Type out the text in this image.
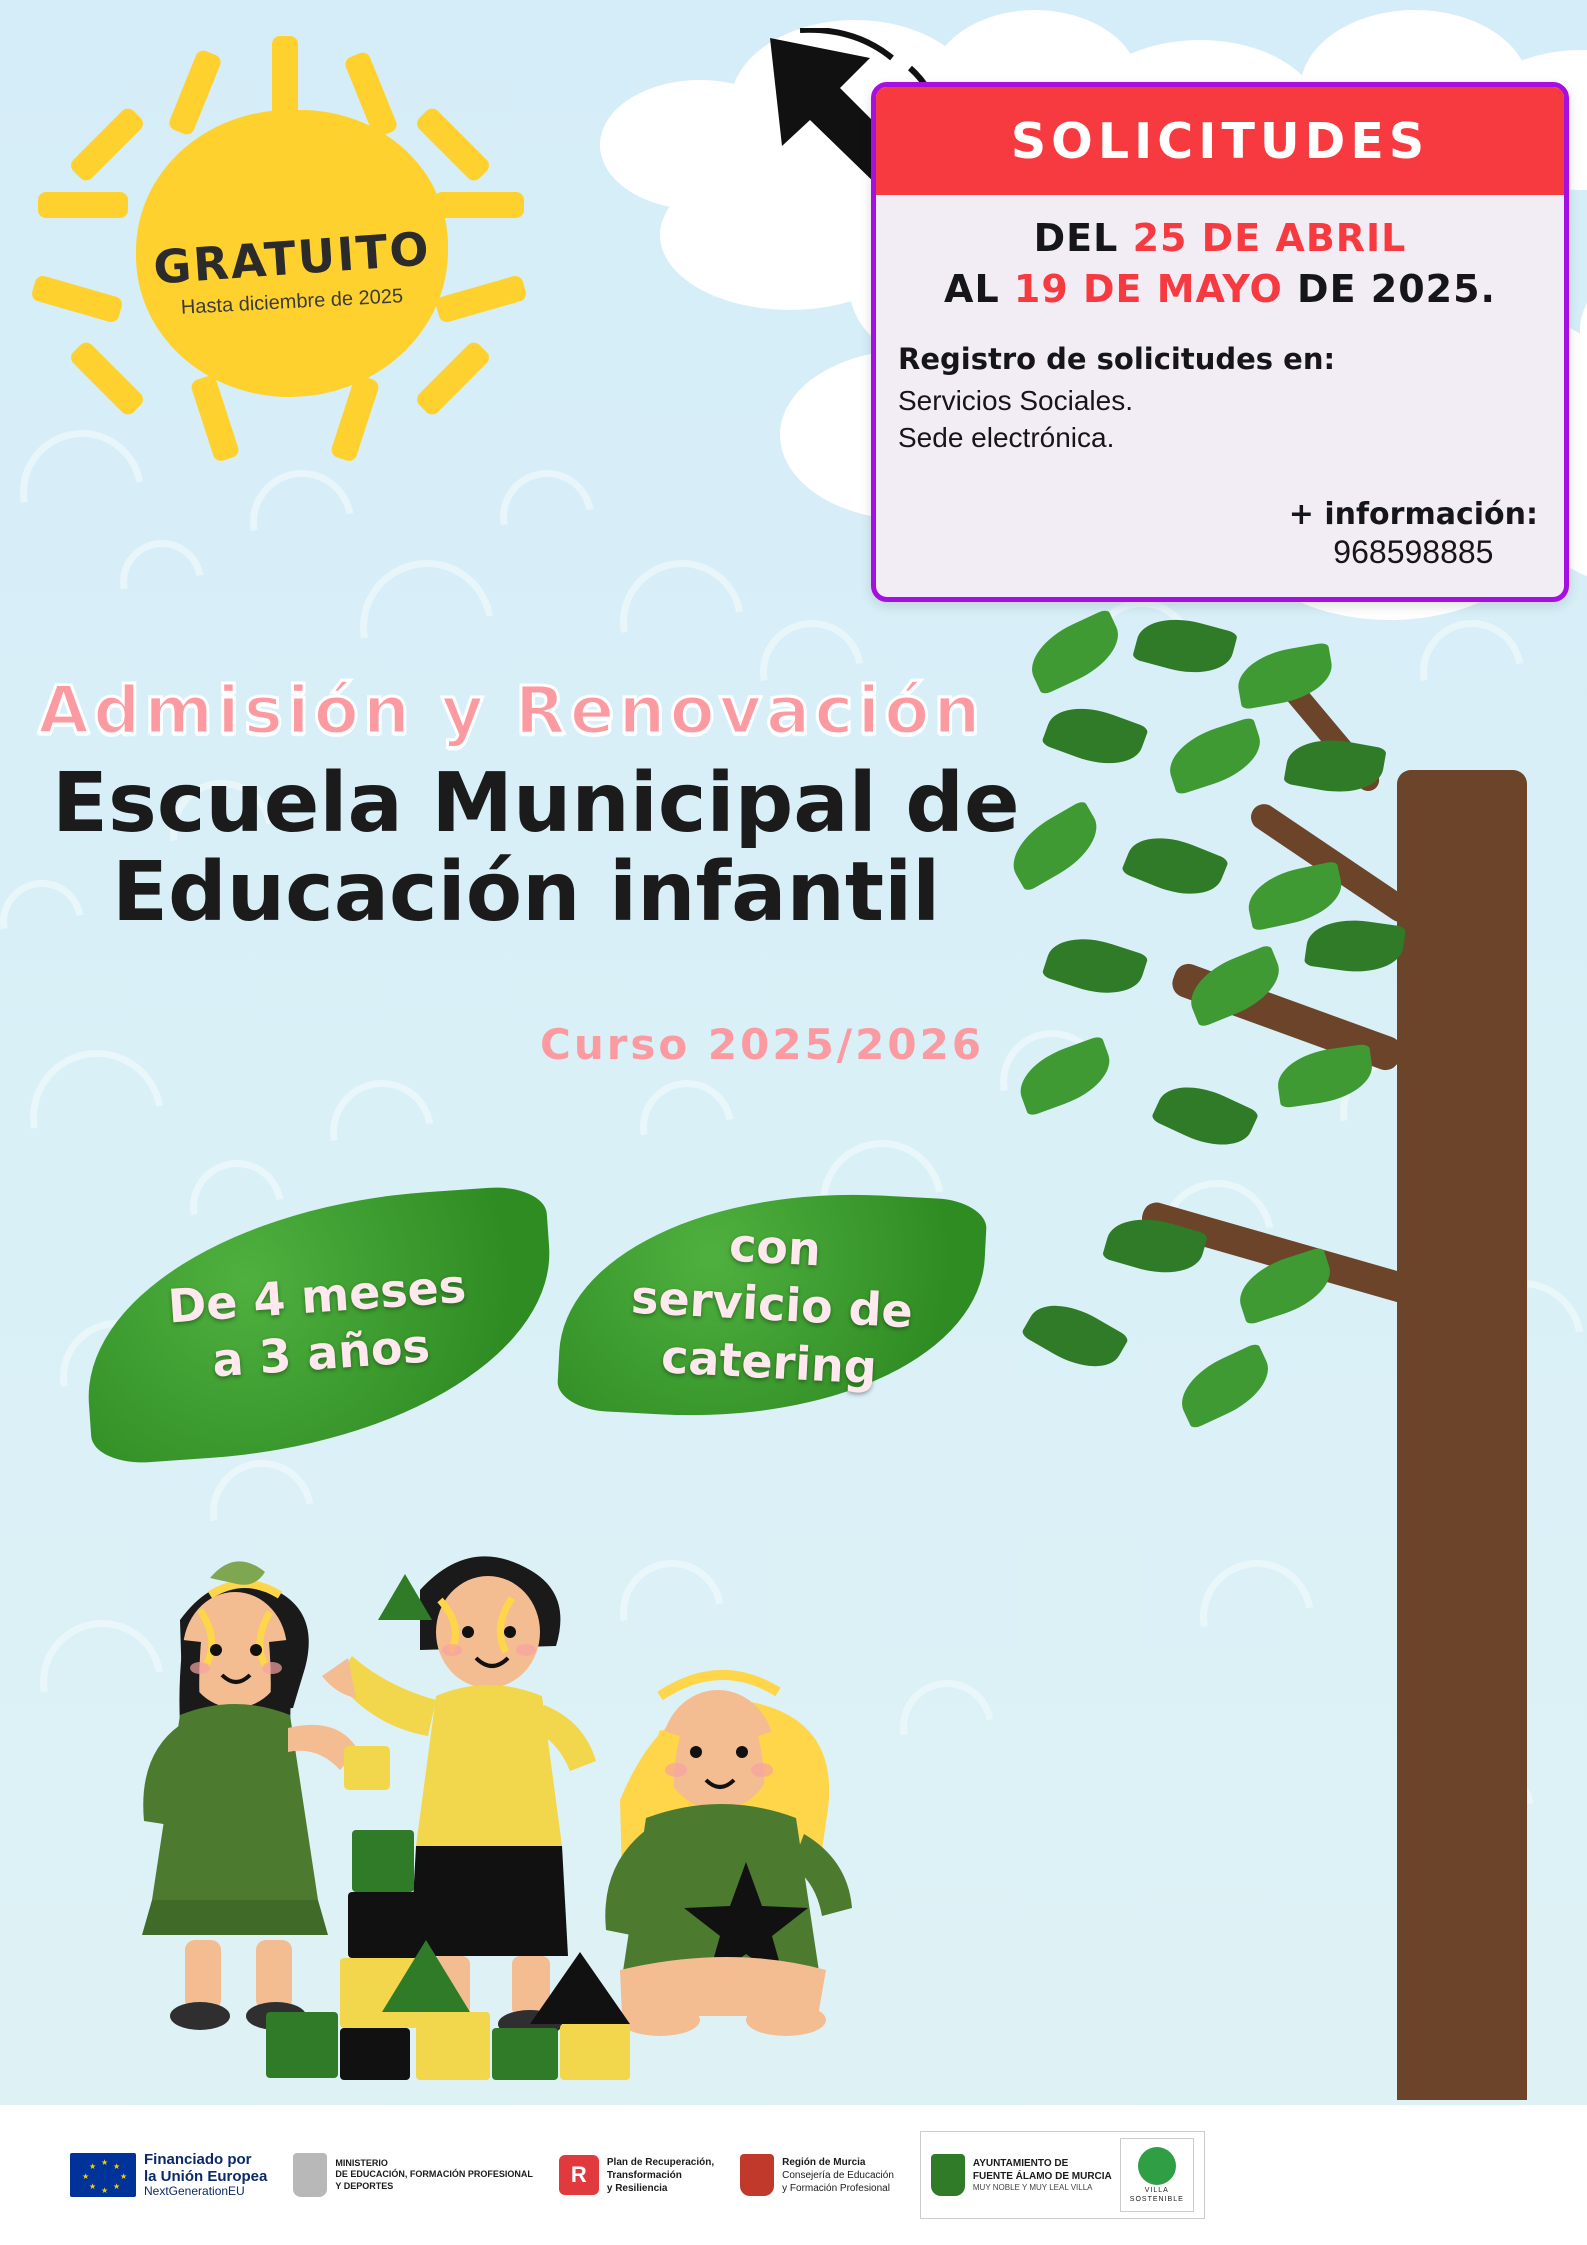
GRATUITO
Hasta diciembre de 2025
SOLICITUDES
DEL 25 DE ABRIL
AL 19 DE MAYO DE 2025.
Registro de solicitudes en:
Servicios Sociales.
Sede electrónica.
+ información:
968598885
Admisión y Renovación
Escuela Municipal de
Educación infantil
Curso 2025/2026
De 4 meses
a 3 años
con
servicio de
catering
★ ★
★
★
★
★
★
★	Financiado por
la Unión Europea
NextGenerationEU
MINISTERIO
DE EDUCACIÓN, FORMACIÓN PROFESIONAL
Y DEPORTES	R	Plan de Recuperación,
Transformación
y Resiliencia
Región de Murcia
Consejería de Educación
y Formación Profesional
AYUNTAMIENTO DE
FUENTE ÁLAMO DE MURCIA
MUY NOBLE Y MUY LEAL VILLA	VILLA
SOSTENIBLE
